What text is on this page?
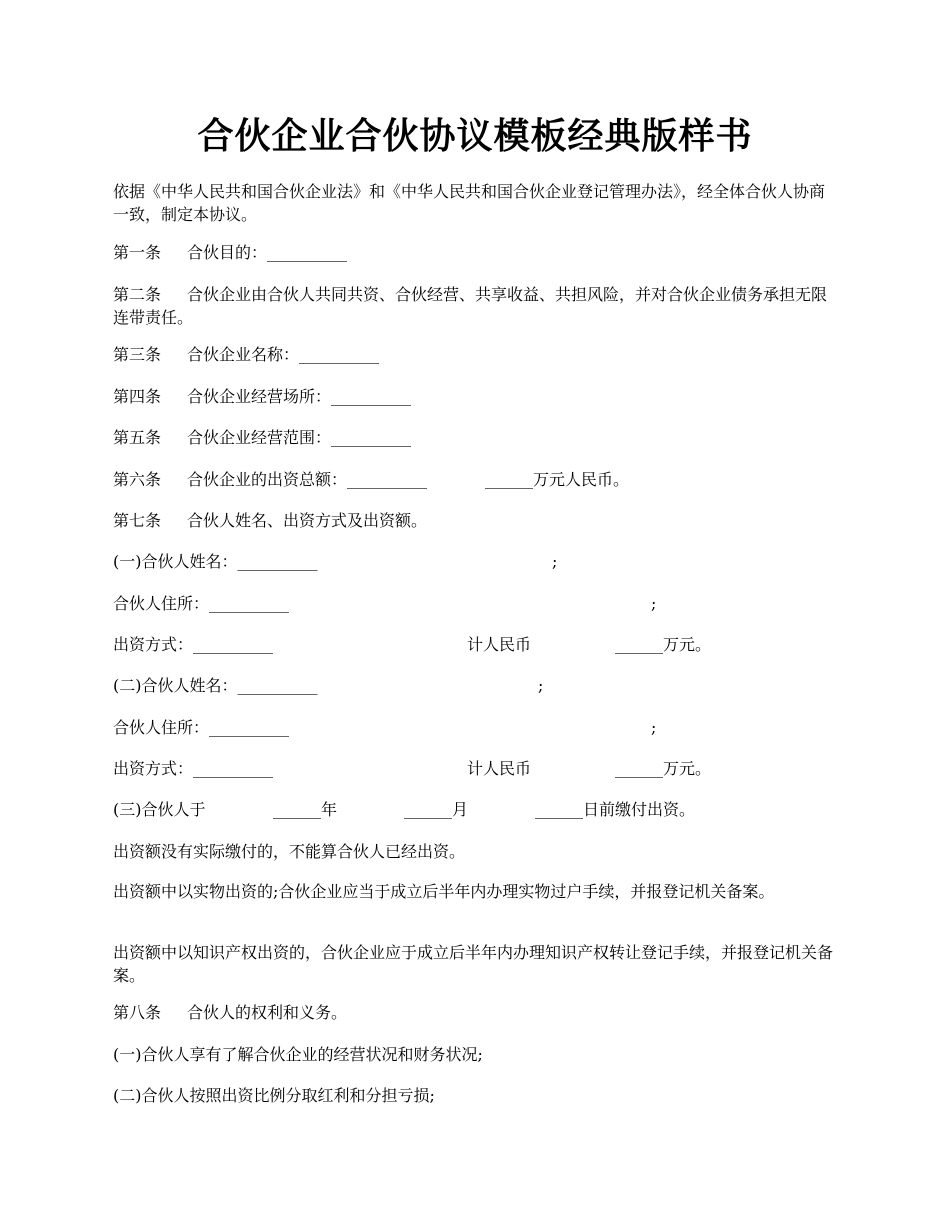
合伙企业合伙协议模板经典版样书
依据《中华人民共和国合伙企业法》和《中华人民共和国合伙企业登记管理办法》，经全体合伙人协商一致，制定本协议。
第一条 合伙目的：__________
第二条 合伙企业由合伙人共同共资、合伙经营、共享收益、共担风险，并对合伙企业债务承担无限连带责任。
第三条 合伙企业名称：__________
第四条 合伙企业经营场所：__________
第五条 合伙企业经营范围：__________
第六条 合伙企业的出资总额：__________	______万元人民币。
第七条 合伙人姓名、出资方式及出资额。
(一)合伙人姓名：__________	;
合伙人住所：__________	;
出资方式：__________	计人民币	______万元。
(二)合伙人姓名：__________	;
合伙人住所：__________	;
出资方式：__________	计人民币	______万元。
(三)合伙人于	______年	______月	______日前缴付出资。
出资额没有实际缴付的，不能算合伙人已经出资。
出资额中以实物出资的;合伙企业应当于成立后半年内办理实物过户手续，并报登记机关备案。
出资额中以知识产权出资的，合伙企业应于成立后半年内办理知识产权转让登记手续，并报登记机关备案。
第八条 合伙人的权利和义务。
(一)合伙人享有了解合伙企业的经营状况和财务状况;
(二)合伙人按照出资比例分取红利和分担亏损;
